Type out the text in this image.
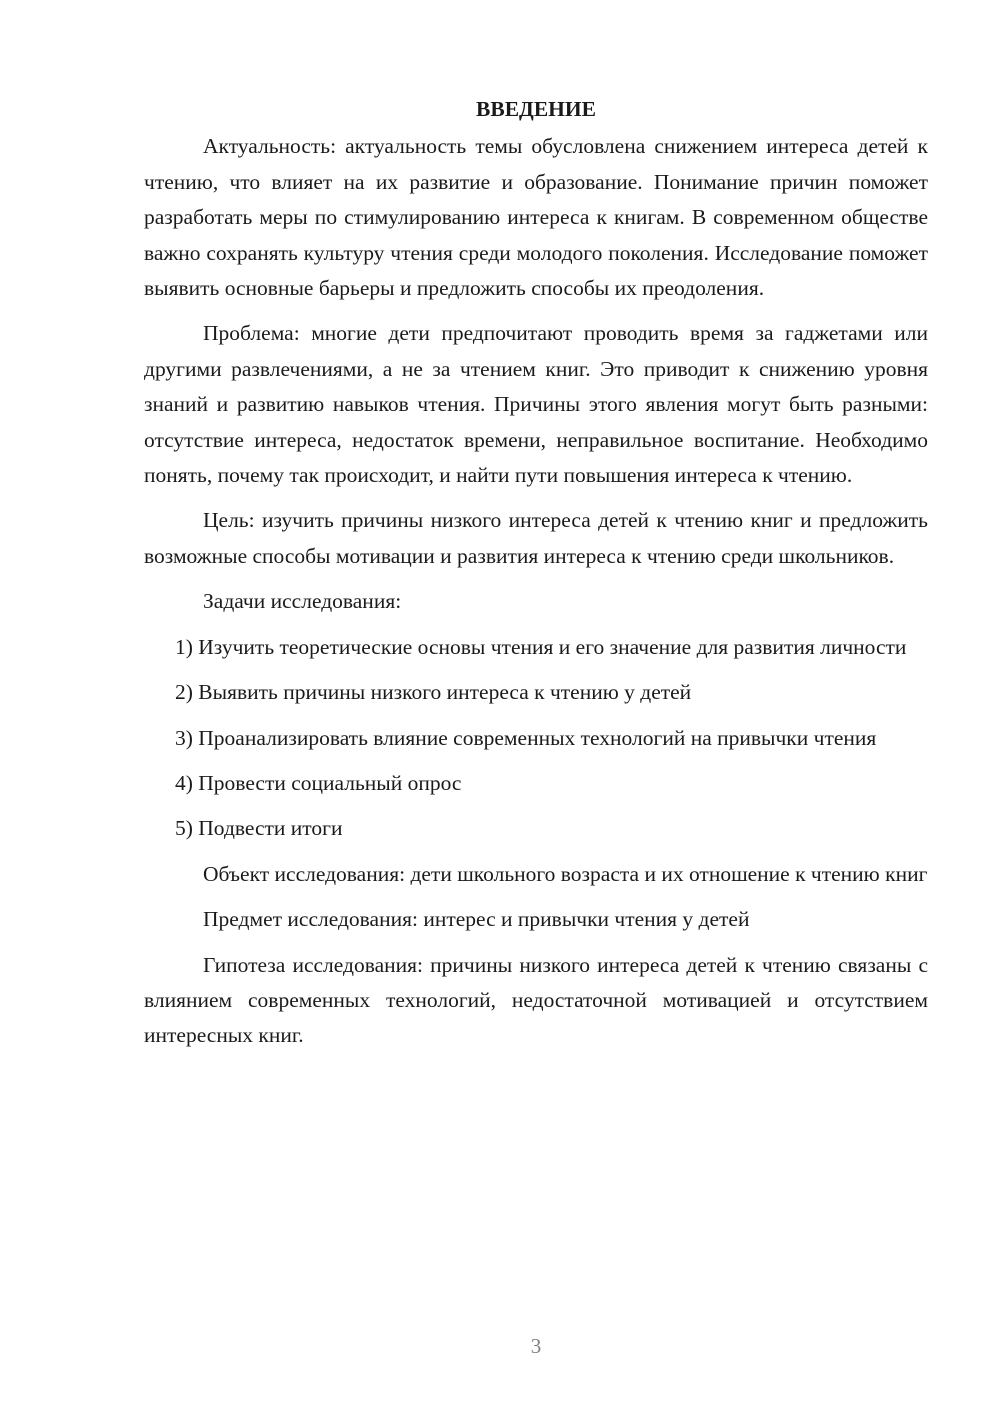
ВВЕДЕНИЕ

Актуальность: актуальность темы обусловлена снижением интереса детей к чтению, что влияет на их развитие и образование. Понимание причин поможет разработать меры по стимулированию интереса к книгам. В современном обществе важно сохранять культуру чтения среди молодого поколения. Исследование поможет выявить основные барьеры и предложить способы их преодоления.

Проблема: многие дети предпочитают проводить время за гаджетами или другими развлечениями, а не за чтением книг. Это приводит к снижению уровня знаний и развитию навыков чтения. Причины этого явления могут быть разными: отсутствие интереса, недостаток времени, неправильное воспитание. Необходимо понять, почему так происходит, и найти пути повышения интереса к чтению.

Цель: изучить причины низкого интереса детей к чтению книг и предложить возможные способы мотивации и развития интереса к чтению среди школьников.

Задачи исследования:

1) Изучить теоретические основы чтения и его значение для развития личности

2) Выявить причины низкого интереса к чтению у детей

3) Проанализировать влияние современных технологий на привычки чтения

4) Провести социальный опрос

5) Подвести итоги

Объект исследования: дети школьного возраста и их отношение к чтению книг

Предмет исследования: интерес и привычки чтения у детей

Гипотеза исследования: причины низкого интереса детей к чтению связаны с влиянием современных технологий, недостаточной мотивацией и отсутствием интересных книг.

3
